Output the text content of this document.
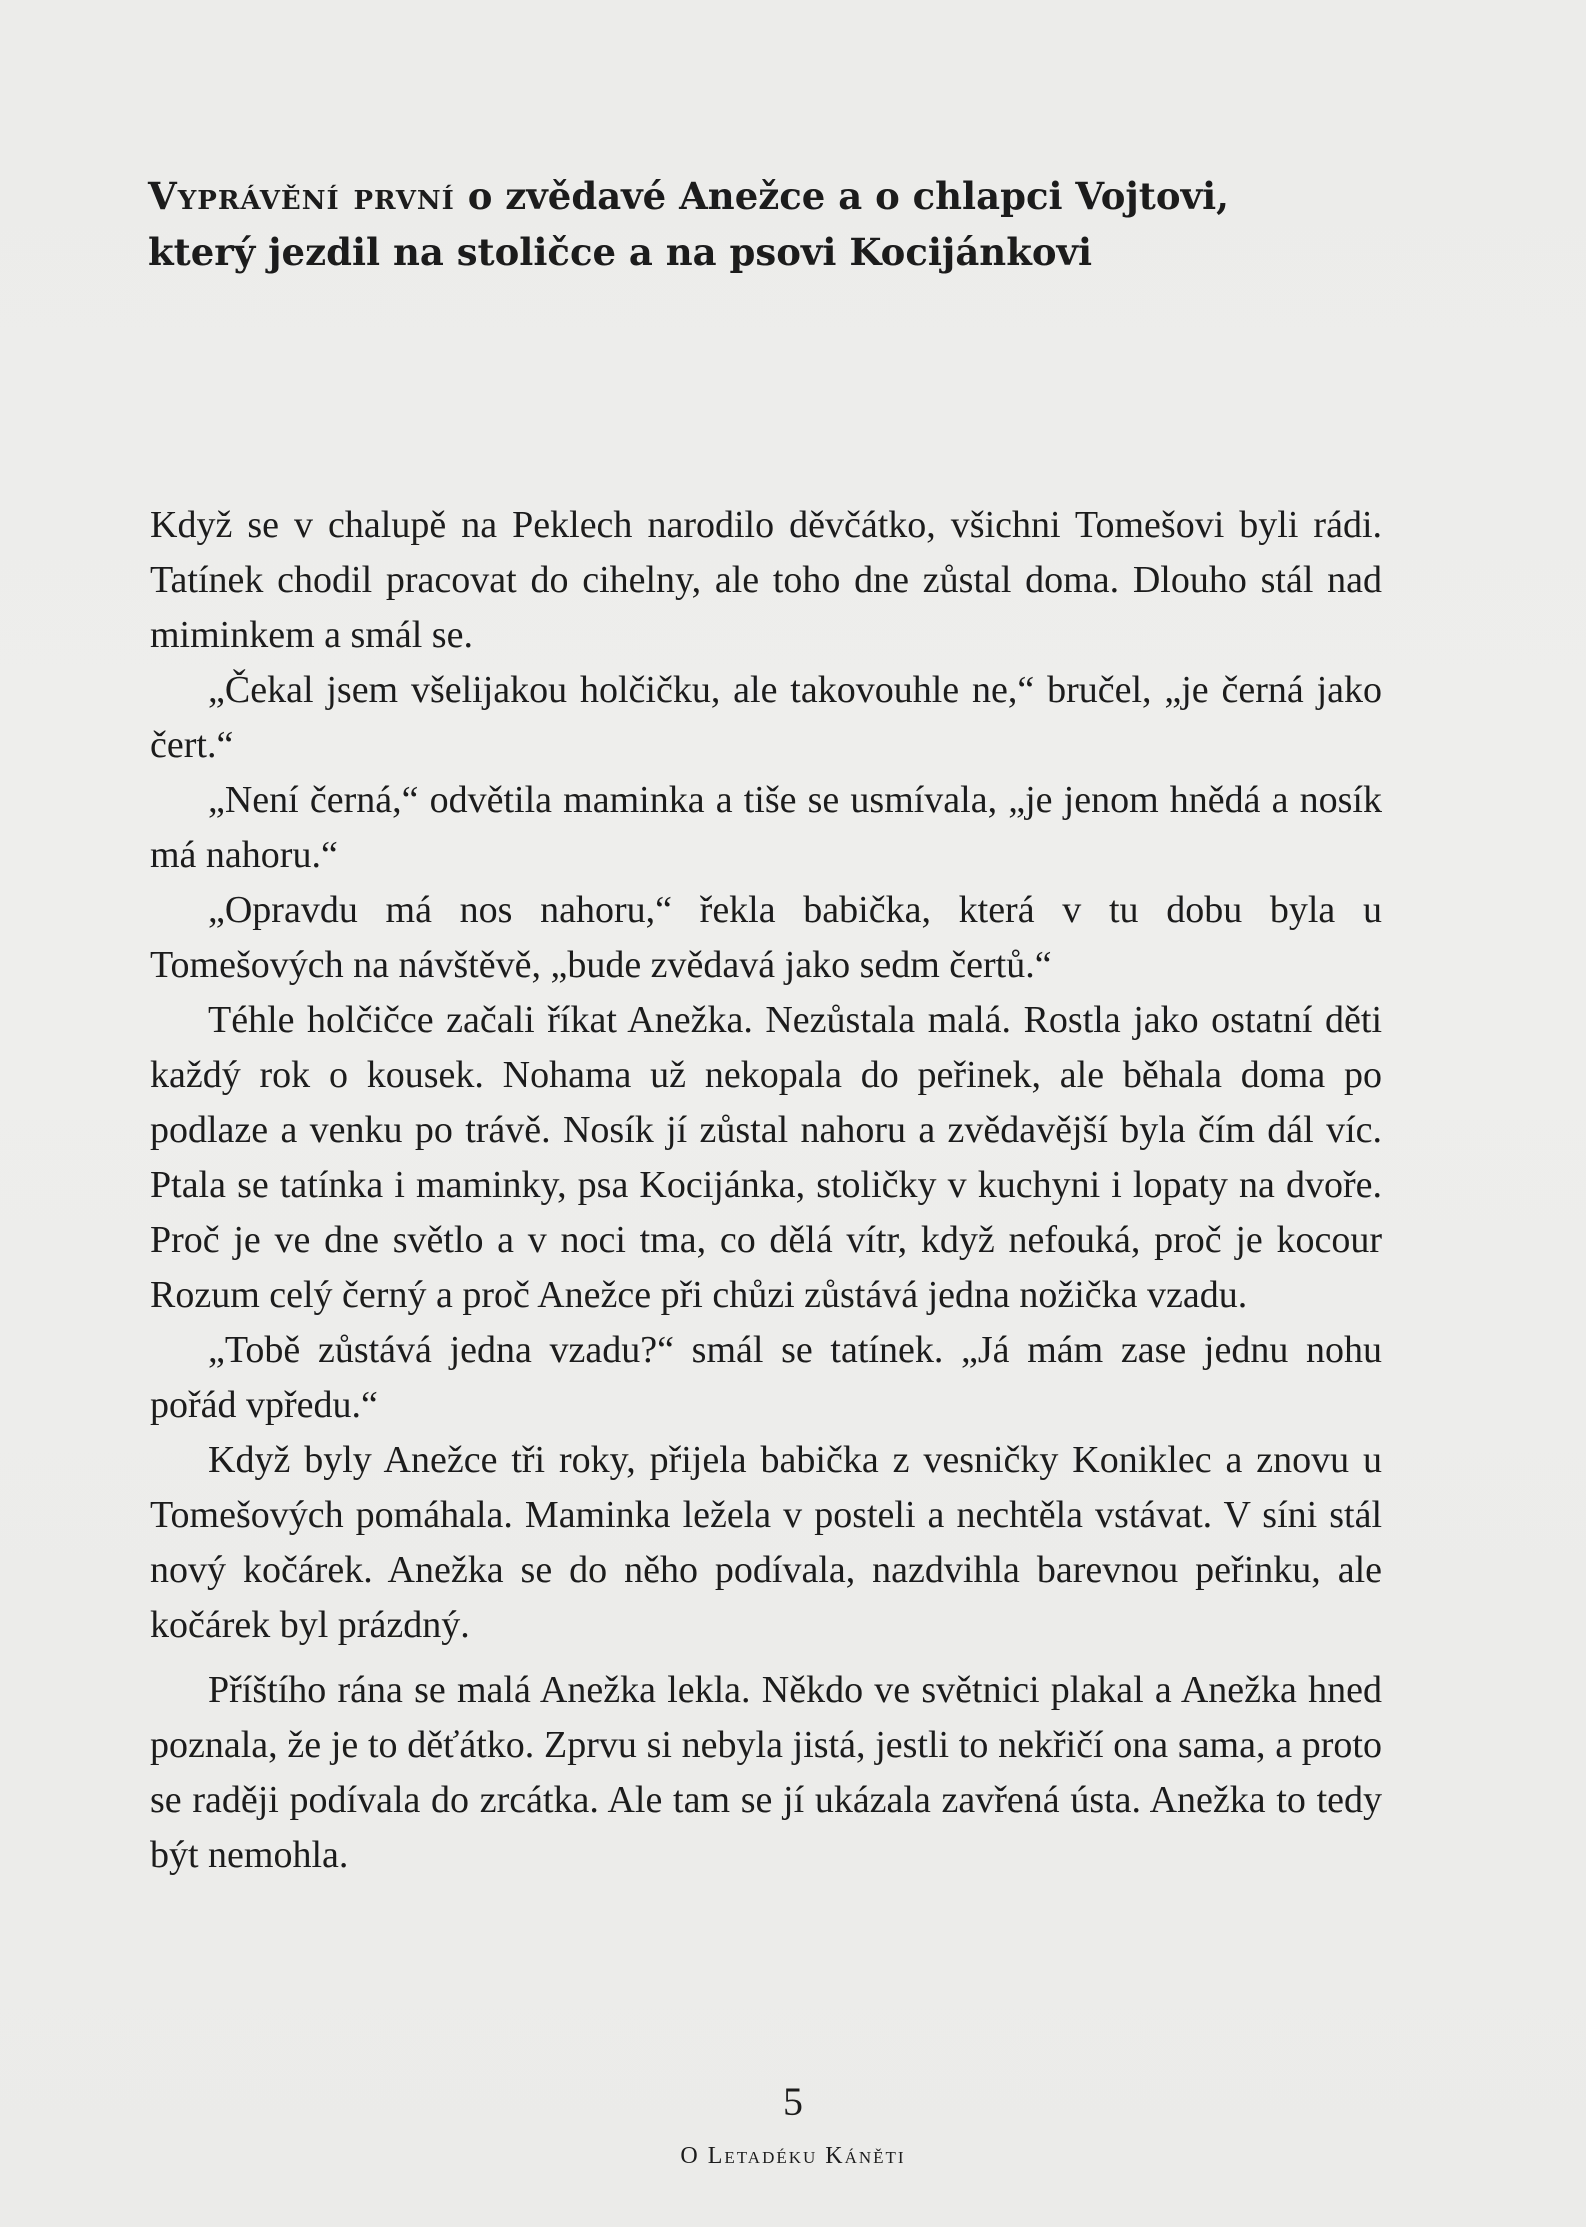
Vyprávění první o zvědavé Anežce a o chlapci Vojtovi,
který jezdil na stoličce a na psovi Kocijánkovi

Když se v chalupě na Peklech narodilo děvčátko, všichni Tomešovi byli rádi. Tatínek chodil pracovat do cihelny, ale toho dne zůstal doma. Dlouho stál nad miminkem a smál se.

„Čekal jsem všelijakou holčičku, ale takovouhle ne,“ bručel, „je černá jako čert.“

„Není černá,“ odvětila maminka a tiše se usmívala, „je jenom hnědá a nosík má nahoru.“

„Opravdu má nos nahoru,“ řekla babička, která v tu dobu byla u Tomešových na návštěvě, „bude zvědavá jako sedm čertů.“

Téhle holčičce začali říkat Anežka. Nezůstala malá. Rostla jako ostatní děti každý rok o kousek. Nohama už nekopala do peřinek, ale běhala doma po podlaze a venku po trávě. Nosík jí zůstal nahoru a zvědavější byla čím dál víc. Ptala se tatínka i maminky, psa Kocijánka, stoličky v kuchyni i lopaty na dvoře. Proč je ve dne světlo a v noci tma, co dělá vítr, když nefouká, proč je kocour Rozum celý černý a proč Anežce při chůzi zůstává jedna nožička vzadu.

„Tobě zůstává jedna vzadu?“ smál se tatínek. „Já mám zase jednu nohu pořád vpředu.“

Když byly Anežce tři roky, přijela babička z vesničky Koniklec a znovu u Tomešových pomáhala. Maminka ležela v posteli a nechtěla vstávat. V síni stál nový kočárek. Anežka se do něho podívala, nazdvihla barevnou peřinku, ale kočárek byl prázdný.

Příštího rána se malá Anežka lekla. Někdo ve světnici plakal a Anežka hned poznala, že je to děťátko. Zprvu si nebyla jistá, jestli to nekřičí ona sama, a proto se raději podívala do zrcátka. Ale tam se jí ukázala zavřená ústa. Anežka to tedy být nemohla.

5
O Letadéku Káněti
